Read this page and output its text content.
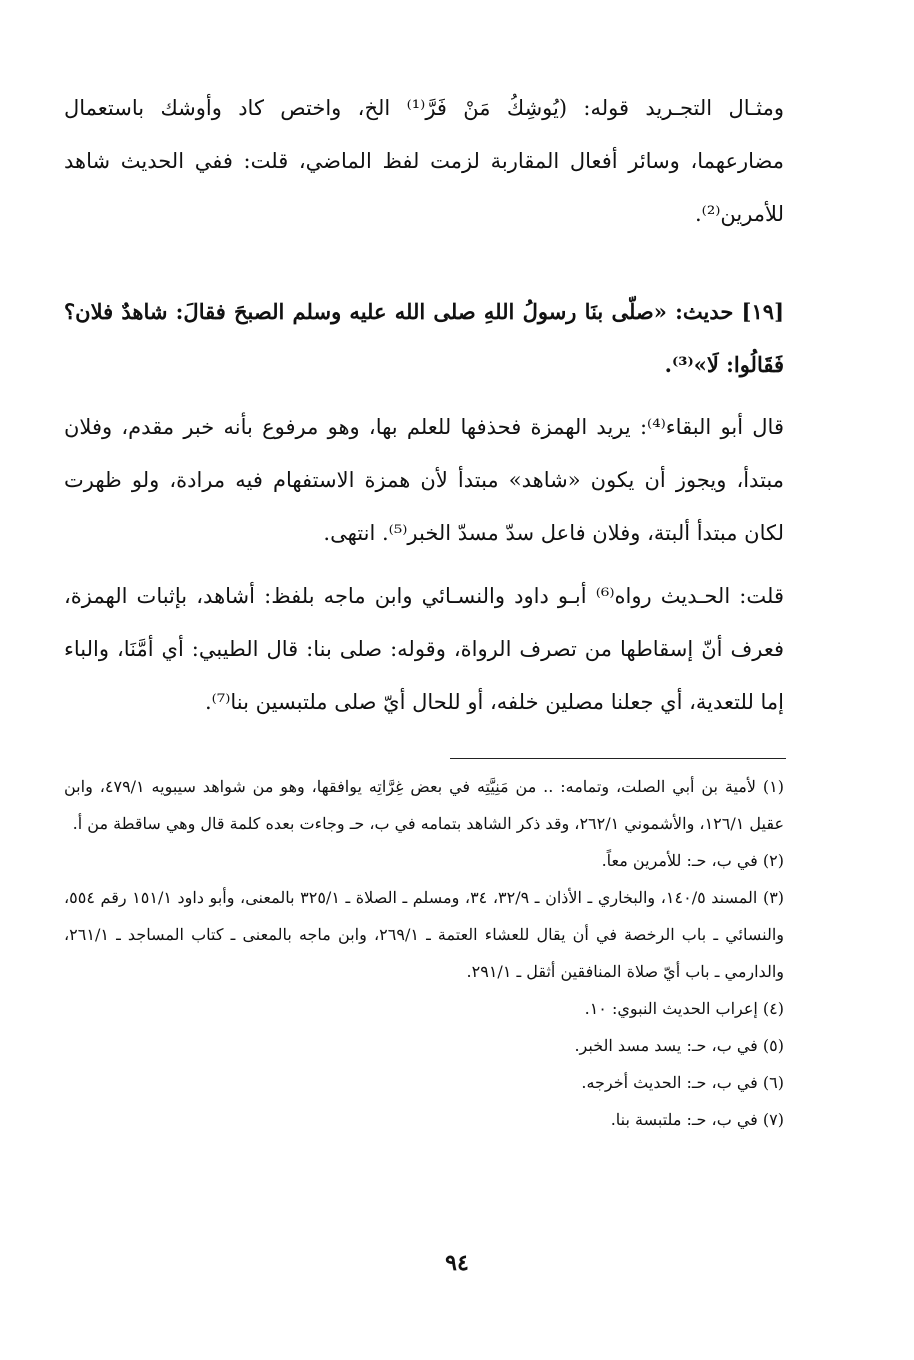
ومثـال التجـريد قوله: (يُوشِكُ مَنْ فَرَّ⁽¹⁾ الخ، واختص كاد وأوشك باستعمال مضارعهما، وسائر أفعال المقاربة لزمت لفظ الماضي، قلت: ففي الحديث شاهد للأمرين⁽²⁾.

[١٩] حديث: «صلّى بنَا رسولُ اللهِ صلى الله عليه وسلم الصبحَ فقالَ: شاهدٌ فلان؟ فَقَالُوا: لَا»⁽³⁾.

قال أبو البقاء⁽⁴⁾: يريد الهمزة فحذفها للعلم بها، وهو مرفوع بأنه خبر مقدم، وفلان مبتدأ، ويجوز أن يكون «شاهد» مبتدأ لأن همزة الاستفهام فيه مرادة، ولو ظهرت لكان مبتدأ ألبتة، وفلان فاعل سدّ مسدّ الخبر⁽⁵⁾. انتهى.

قلت: الحـديث رواه⁽⁶⁾ أبـو داود والنسـائي وابن ماجه بلفظ: أشاهد، بإثبات الهمزة، فعرف أنّ إسقاطها من تصرف الرواة، وقوله: صلى بنا: قال الطيبي: أي أمَّنَا، والباء إما للتعدية، أي جعلنا مصلين خلفه، أو للحال أيّ صلى ملتبسين بنا⁽⁷⁾.

(١) لأمية بن أبي الصلت، وتمامه: .. من مَنِيَّتِه في بعض غِرَّاتِه يوافقها، وهو من شواهد سيبويه ٤٧٩/١، وابن عقيل ١٢٦/١، والأشموني ٢٦٢/١، وقد ذكر الشاهد بتمامه في ب، حـ وجاءت بعده كلمة قال وهي ساقطة من أ.

(٢) في ب، حـ: للأمرين معاً.

(٣) المسند ١٤٠/٥، والبخاري ـ الأذان ـ ٣٢/٩، ٣٤، ومسلم ـ الصلاة ـ ٣٢٥/١ بالمعنى، وأبو داود ١٥١/١ رقم ٥٥٤، والنسائي ـ باب الرخصة في أن يقال للعشاء العتمة ـ ٢٦٩/١، وابن ماجه بالمعنى ـ كتاب المساجد ـ ٢٦١/١، والدارمي ـ باب أيّ صلاة المنافقين أثقل ـ ٢٩١/١.

(٤) إعراب الحديث النبوي: ١٠.

(٥) في ب، حـ: يسد مسد الخبر.

(٦) في ب، حـ: الحديث أخرجه.

(٧) في ب، حـ: ملتبسة بنا.

٩٤
